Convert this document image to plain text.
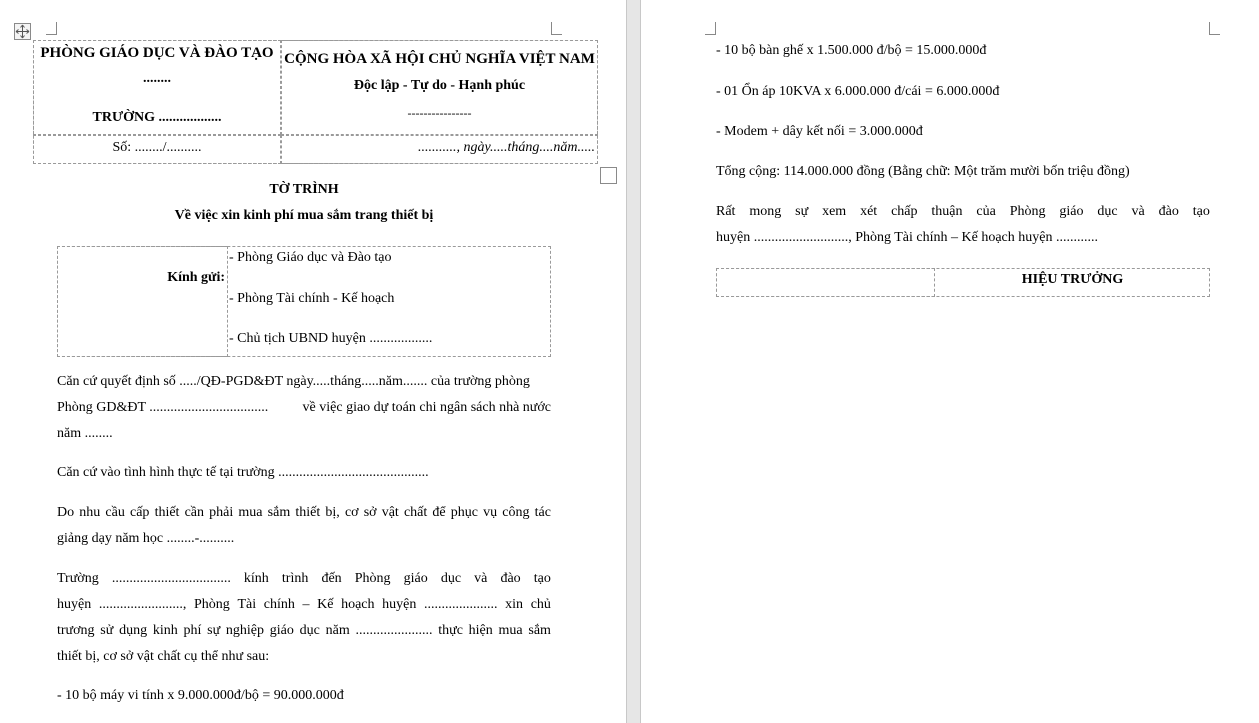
PHÒNG GIÁO DỤC VÀ ĐÀO TẠO
........
TRƯỜNG ..................
CỘNG HÒA XÃ HỘI CHỦ NGHĨA VIỆT NAM
Độc lập - Tự do - Hạnh phúc
----------------
Số: ......../..........	..........., ngày.....tháng....năm.....
TỜ TRÌNH
Về việc xin kinh phí mua sắm trang thiết bị
Kính gửi:
- Phòng Giáo dục và Đào tạo
- Phòng Tài chính - Kế hoạch
- Chủ tịch UBND huyện ..................
Căn cứ quyết định số ...../QĐ-PGD&ĐT ngày.....tháng.....năm....... của trường phòng
Phòng GD&ĐT .................................. về việc giao dự toán chi ngân sách nhà nước
năm ........
Căn cứ vào tình hình thực tế tại trường ...........................................
Do nhu cầu cấp thiết cần phải mua sắm thiết bị, cơ sở vật chất để phục vụ công tác
giảng dạy năm học ........-..........
Trường .................................. kính trình đến Phòng giáo dục và đào tạo
huyện ........................, Phòng Tài chính – Kế hoạch huyện ..................... xin chủ
trương sử dụng kinh phí sự nghiệp giáo dục năm ...................... thực hiện mua sắm
thiết bị, cơ sở vật chất cụ thể như sau:
- 10 bộ máy vi tính x 9.000.000đ/bộ = 90.000.000đ
- 10 bộ bàn ghế x 1.500.000 đ/bộ = 15.000.000đ
- 01 Ổn áp 10KVA x 6.000.000 đ/cái = 6.000.000đ
- Modem + dây kết nối = 3.000.000đ
Tổng cộng: 114.000.000 đồng (Bằng chữ: Một trăm mười bốn triệu đồng)
Rất mong sự xem xét chấp thuận của Phòng giáo dục và đào tạo
huyện ..........................., Phòng Tài chính – Kế hoạch huyện ............
HIỆU TRƯỞNG
